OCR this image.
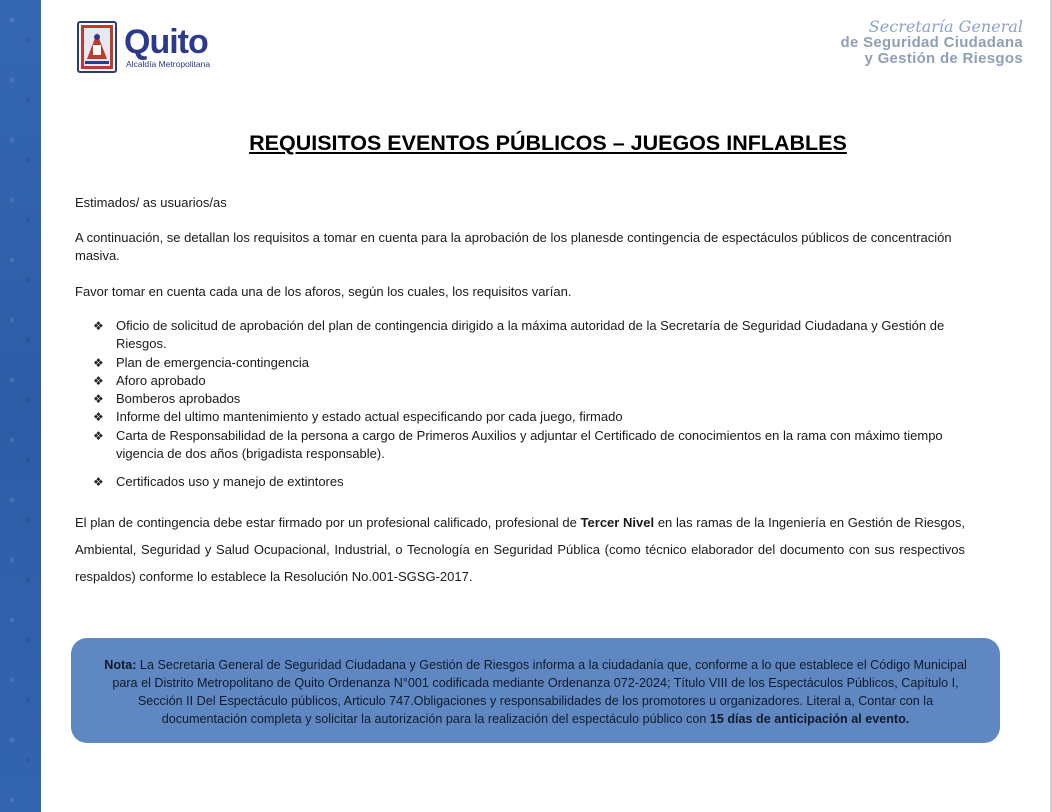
Quito
Alcaldía Metropolitana
Secretaría General
de Seguridad Ciudadana
y Gestión de Riesgos
REQUISITOS EVENTOS PÚBLICOS – JUEGOS INFLABLES
Estimados/ as usuarios/as
A continuación, se detallan los requisitos a tomar en cuenta para la aprobación de los planesde contingencia de espectáculos públicos de concentración masiva.
Favor tomar en cuenta cada una de los aforos, según los cuales, los requisitos varían.
❖ Oficio de solicitud de aprobación del plan de contingencia dirigido a la máxima autoridad de la Secretaría de Seguridad Ciudadana y Gestión de Riesgos.
❖ Plan de emergencia-contingencia
❖ Aforo aprobado
❖ Bomberos aprobados
❖ Informe del ultimo mantenimiento y estado actual especificando por cada juego, firmado
❖ Carta de Responsabilidad de la persona a cargo de Primeros Auxilios y adjuntar el Certificado de conocimientos en la rama con máximo tiempo vigencia de dos años (brigadista responsable).
❖ Certificados uso y manejo de extintores
El plan de contingencia debe estar firmado por un profesional calificado, profesional de Tercer Nivel en las ramas de la Ingeniería en Gestión de Riesgos, Ambiental, Seguridad y Salud Ocupacional, Industrial, o Tecnología en Seguridad Pública (como técnico elaborador del documento con sus respectivos respaldos) conforme lo establece la Resolución No.001-SGSG-2017.
Nota: La Secretaria General de Seguridad Ciudadana y Gestión de Riesgos informa a la ciudadanía que, conforme a lo que establece el Código Municipal para el Distrito Metropolitano de Quito Ordenanza N°001 codificada mediante Ordenanza 072-2024; Título VIII de los Espectáculos Públicos, Capítulo I, Sección II Del Espectáculo públicos, Articulo 747.Obligaciones y responsabilidades de los promotores u organizadores. Literal a, Contar con la documentación completa y solicitar la autorización para la realización del espectáculo público con 15 días de anticipación al evento.
